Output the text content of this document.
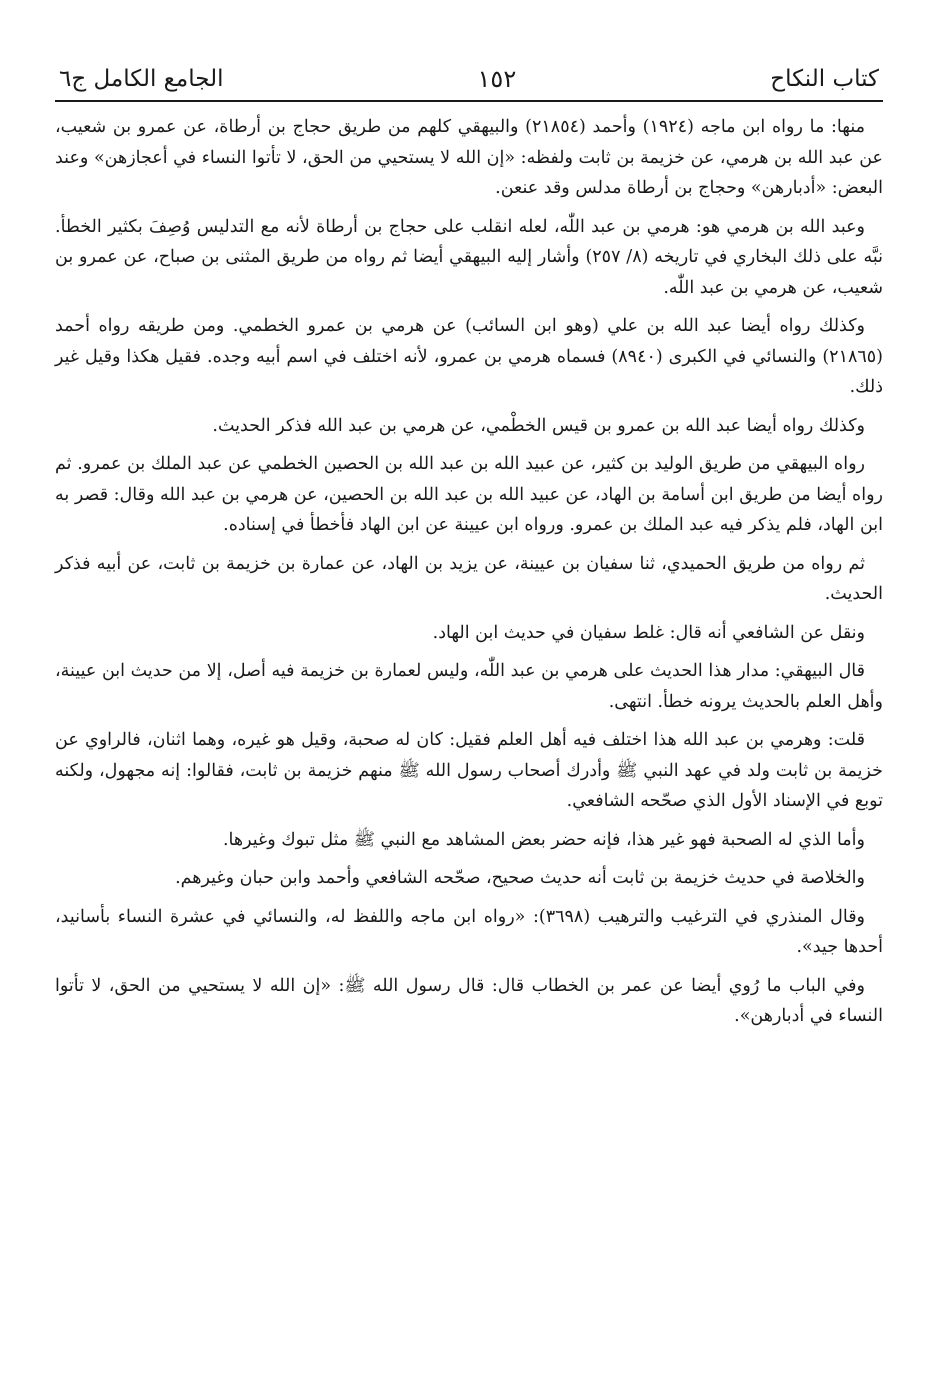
كتاب النكاح
١٥٢
الجامع الكامل ج٦

منها: ما رواه ابن ماجه (١٩٢٤) وأحمد (٢١٨٥٤) والبيهقي كلهم من طريق حجاج بن أرطاة، عن عمرو بن شعيب، عن عبد الله بن هرمي، عن خزيمة بن ثابت ولفظه: «إن الله لا يستحيي من الحق، لا تأتوا النساء في أعجازهن» وعند البعض: «أدبارهن» وحجاج بن أرطاة مدلس وقد عنعن.

وعبد الله بن هرمي هو: هرمي بن عبد اللّٰه، لعله انقلب على حجاج بن أرطاة لأنه مع التدليس وُصِفَ بكثير الخطأ. نبَّه على ذلك البخاري في تاريخه (٨/ ٢٥٧) وأشار إليه البيهقي أيضا ثم رواه من طريق المثنى بن صباح، عن عمرو بن شعيب، عن هرمي بن عبد اللّٰه.

وكذلك رواه أيضا عبد الله بن علي (وهو ابن السائب) عن هرمي بن عمرو الخطمي. ومن طريقه رواه أحمد (٢١٨٦٥) والنسائي في الكبرى (٨٩٤٠) فسماه هرمي بن عمرو، لأنه اختلف في اسم أبيه وجده. فقيل هكذا وقيل غير ذلك.

وكذلك رواه أيضا عبد الله بن عمرو بن قيس الخطْمي، عن هرمي بن عبد الله فذكر الحديث.

رواه البيهقي من طريق الوليد بن كثير، عن عبيد الله بن عبد الله بن الحصين الخطمي عن عبد الملك بن عمرو. ثم رواه أيضا من طريق ابن أسامة بن الهاد، عن عبيد الله بن عبد الله بن الحصين، عن هرمي بن عبد الله وقال: قصر به ابن الهاد، فلم يذكر فيه عبد الملك بن عمرو. ورواه ابن عيينة عن ابن الهاد فأخطأ في إسناده.

ثم رواه من طريق الحميدي، ثنا سفيان بن عيينة، عن يزيد بن الهاد، عن عمارة بن خزيمة بن ثابت، عن أبيه فذكر الحديث.

ونقل عن الشافعي أنه قال: غلط سفيان في حديث ابن الهاد.

قال البيهقي: مدار هذا الحديث على هرمي بن عبد اللّٰه، وليس لعمارة بن خزيمة فيه أصل، إلا من حديث ابن عيينة، وأهل العلم بالحديث يرونه خطأ. انتهى.

قلت: وهرمي بن عبد الله هذا اختلف فيه أهل العلم فقيل: كان له صحبة، وقيل هو غيره، وهما اثنان، فالراوي عن خزيمة بن ثابت ولد في عهد النبي ﷺ وأدرك أصحاب رسول الله ﷺ منهم خزيمة بن ثابت، فقالوا: إنه مجهول، ولكنه توبع في الإسناد الأول الذي صحّحه الشافعي.

وأما الذي له الصحبة فهو غير هذا، فإنه حضر بعض المشاهد مع النبي ﷺ مثل تبوك وغيرها.

والخلاصة في حديث خزيمة بن ثابت أنه حديث صحيح، صحّحه الشافعي وأحمد وابن حبان وغيرهم.

وقال المنذري في الترغيب والترهيب (٣٦٩٨): «رواه ابن ماجه واللفظ له، والنسائي في عشرة النساء بأسانيد، أحدها جيد».

وفي الباب ما رُوي أيضا عن عمر بن الخطاب قال: قال رسول الله ﷺ: «إن الله لا يستحيي من الحق، لا تأتوا النساء في أدبارهن».
